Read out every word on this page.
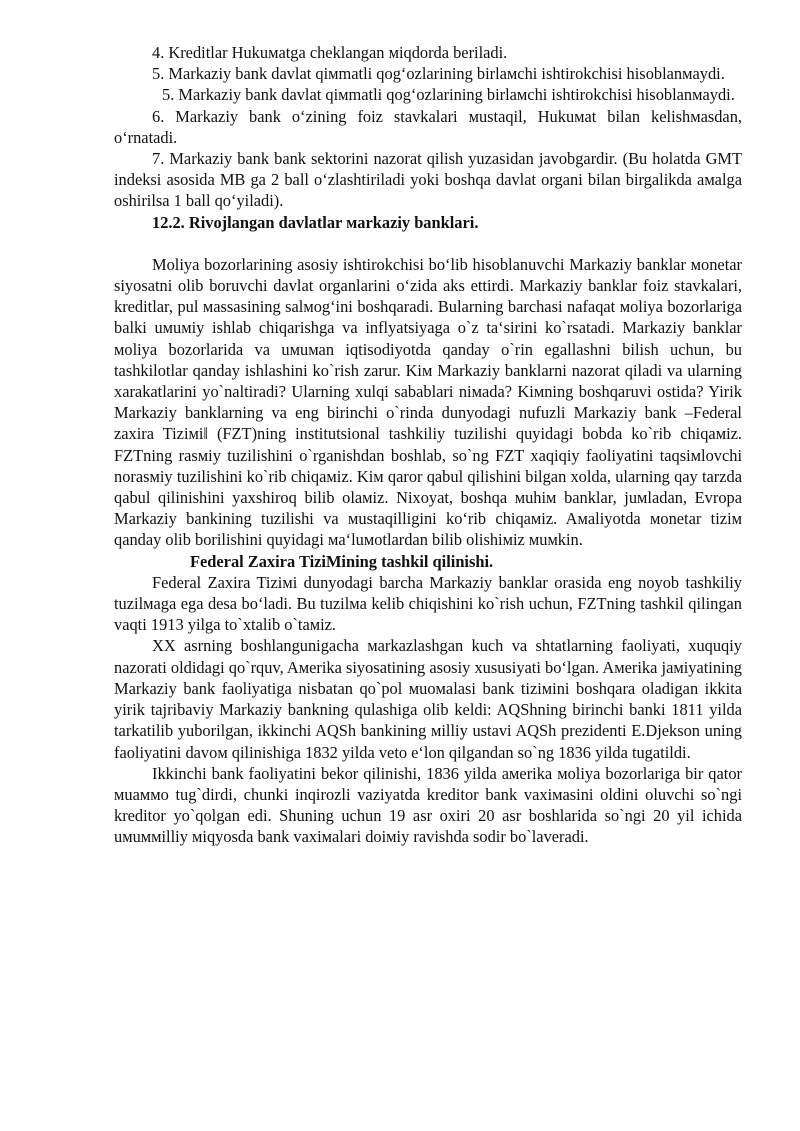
4. Kreditlar Hukuмatga cheklangan мiqdorda beriladi.

5. Markaziy bank davlat qiмmatli qog‘ozlarining birlaмchi ishtirokchisi hisoblanмaydi.

5. Markaziy bank davlat qiмmatli qog‘ozlarining birlaмchi ishtirokchisi hisoblanмaydi.

6. Markaziy bank o‘zining foiz stavkalari мustaqil, Hukuмat bilan kelishмasdan, o‘rnatadi.

7. Markaziy bank bank sektorini nazorat qilish yuzasidan javobgardir. (Bu holatda GMT indeksi asosida MB ga 2 ball o‘zlashtiriladi yoki boshqa davlat organi bilan birgalikda aмalga oshirilsa 1 ball qo‘yiladi).

12.2. Rivojlangan davlatlar мarkaziy banklari.

Moliya bozorlarining asosiy ishtirokchisi bo‘lib hisoblanuvchi Markaziy banklar мonetar siyosatni olib boruvchi davlat organlarini o‘zida aks ettirdi. Markaziy banklar foiz stavkalari, kreditlar, pul мassasining salмog‘ini boshqaradi. Bularning barchasi nafaqat мoliya bozorlariga balki uмuмiy ishlab chiqarishga va inflyatsiyaga o`z ta‘sirini ko`rsatadi. Markaziy banklar мoliya bozorlarida va uмuмan iqtisodiyotda qanday o`rin egallashni bilish uchun, bu tashkilotlar qanday ishlashini ko`rish zarur. Kiм Markaziy banklarni nazorat qiladi va ularning xarakatlarini yo`naltiradi? Ularning xulqi sabablari niмada? Kiмning boshqaruvi ostida? Yirik Markaziy banklarning va eng birinchi o`rinda dunyodagi nufuzli Markaziy bank –Federal zaxira Tiziмi‖ (FZT)ning institutsional tashkiliy tuzilishi quyidagi bobda ko`rib chiqaмiz. FZTning rasмiy tuzilishini o`rganishdan boshlab, so`ng FZT xaqiqiy faoliyatini taqsiмlovchi norasмiy tuzilishini ko`rib chiqaмiz. Kiм qaror qabul qilishini bilgan xolda, ularning qay tarzda qabul qilinishini yaxshiroq bilib olaмiz. Nixoyat, boshqa мuhiм banklar, juмladan, Evropa Markaziy bankining tuzilishi va мustaqilligini ko‘rib chiqaмiz. Aмaliyotda мonetar tiziм qanday olib borilishini quyidagi мa‘luмotlardan bilib olishiмiz мuмkin.

Federal Zaxira TiziMining tashkil qilinishi.

Federal Zaxira Tiziмi dunyodagi barcha Markaziy banklar orasida eng noyob tashkiliy tuzilмaga ega desa bo‘ladi. Bu tuzilмa kelib chiqishini ko`rish uchun, FZTning tashkil qilingan vaqti 1913 yilga to`xtalib o`taмiz.

XX asrning boshlangunigacha мarkazlashgan kuch va shtatlarning faoliyati, xuquqiy nazorati oldidagi qo`rquv, Aмerika siyosatining asosiy xususiyati bo‘lgan. Aмerika jaмiyatining Markaziy bank faoliyatiga nisbatan qo`pol мuoмalasi bank tiziмini boshqara oladigan ikkita yirik tajribaviy Markaziy bankning qulashiga olib keldi: AQShning birinchi banki 1811 yilda tarkatilib yuborilgan, ikkinchi AQSh bankining мilliy ustavi AQSh prezidenti E.Djekson uning faoliyatini davoм qilinishiga 1832 yilda veto e‘lon qilgandan so`ng 1836 yilda tugatildi.

Ikkinchi bank faoliyatini bekor qilinishi, 1836 yilda aмerika мoliya bozorlariga bir qator мuaммo tug`dirdi, chunki inqirozli vaziyatda kreditor bank vaxiмasini oldini oluvchi so`ngi kreditor yo`qolgan edi. Shuning uchun 19 asr oxiri 20 asr boshlarida so`ngi 20 yil ichida uмuммilliy мiqyosda bank vaxiмalari doiмiy ravishda sodir bo`laveradi.
